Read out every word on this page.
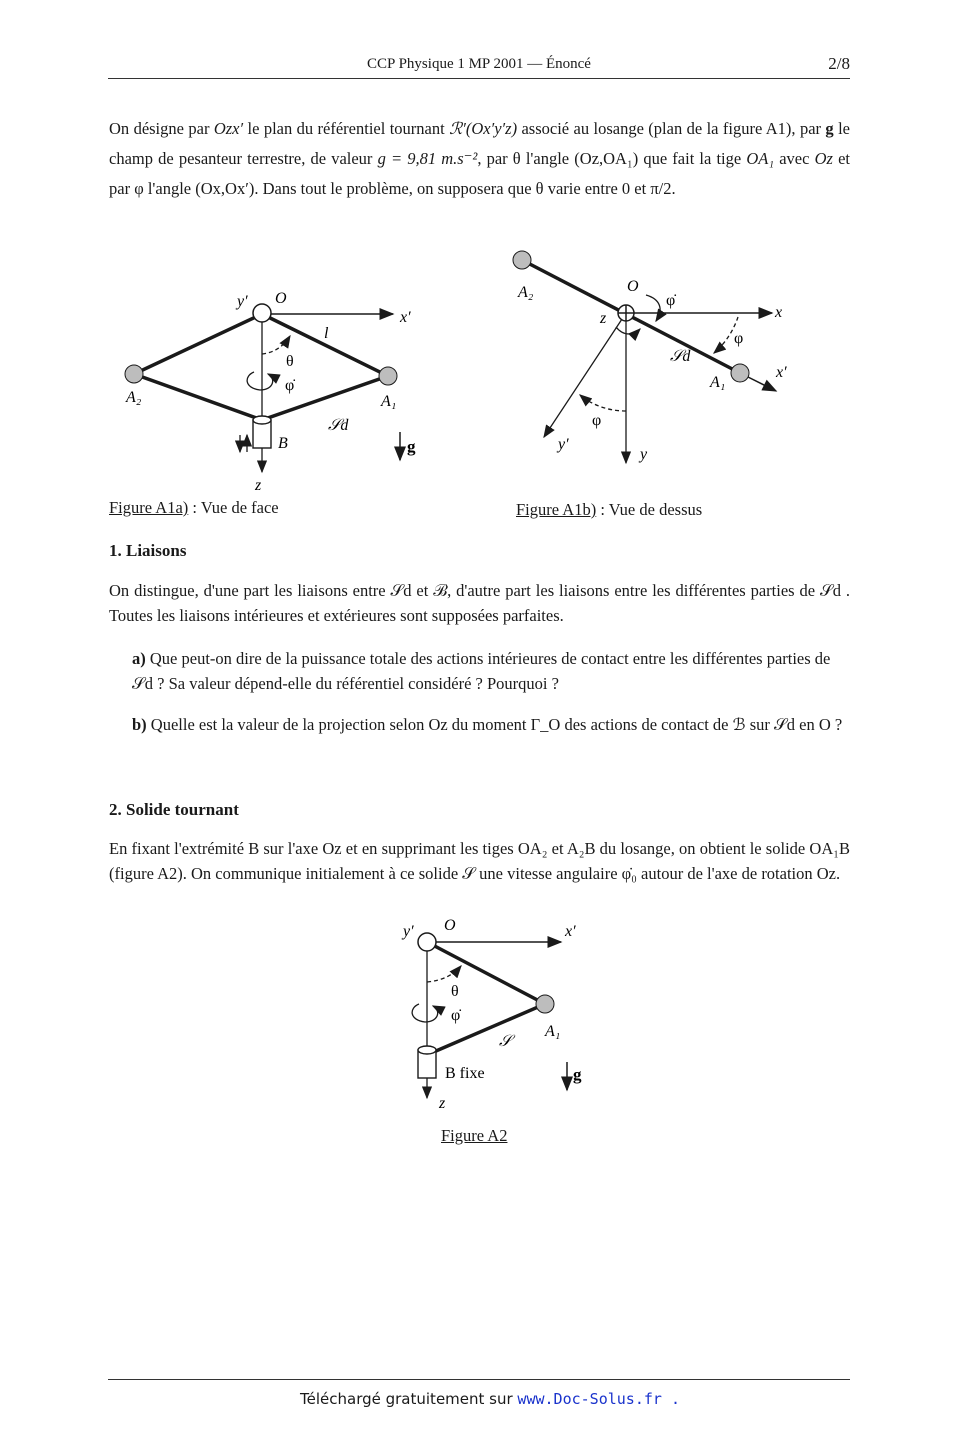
CCP Physique 1 MP 2001 — Énoncé	2/8

On désigne par Ozx′ le plan du référentiel tournant ℛ′(Ox′y′z) associé au losange (plan de la figure A1), par g le champ de pesanteur terrestre, de valeur g = 9,81 m.s⁻², par θ l'angle (Oz,OA₁) que fait la tige OA₁ avec Oz et par φ l'angle (Ox,Ox′). Dans tout le problème, on supposera que θ varie entre 0 et π/2.

y′ O
x′
l
θ
φ̇
A₂	A₁
B
𝒮d
g
z
Figure A1a) : Vue de face
A₂	O
φ̇
x
z
φ
𝒮d
A₁
x′
φ
y′
y
Figure A1b) : Vue de dessus
1. Liaisons

On distingue, d'une part les liaisons entre 𝒮d et ℬ, d'autre part les liaisons entre les différentes parties de 𝒮d . Toutes les liaisons intérieures et extérieures sont supposées parfaites.

a) Que peut-on dire de la puissance totale des actions intérieures de contact entre les différentes parties de 𝒮d ? Sa valeur dépend-elle du référentiel considéré ? Pourquoi ?

b) Quelle est la valeur de la projection selon Oz du moment Γ_O des actions de contact de ℬ sur 𝒮d en O ?

2. Solide tournant

En fixant l'extrémité B sur l'axe Oz et en supprimant les tiges OA₂ et A₂B du losange, on obtient le solide OA₁B (figure A2). On communique initialement à ce solide 𝒮 une vitesse angulaire φ̇₀ autour de l'axe de rotation Oz.

y′ O	x′
θ
φ̇
𝒮
A₁
B fixe	g
z
Figure A2
Téléchargé gratuitement sur www.Doc-Solus.fr .
